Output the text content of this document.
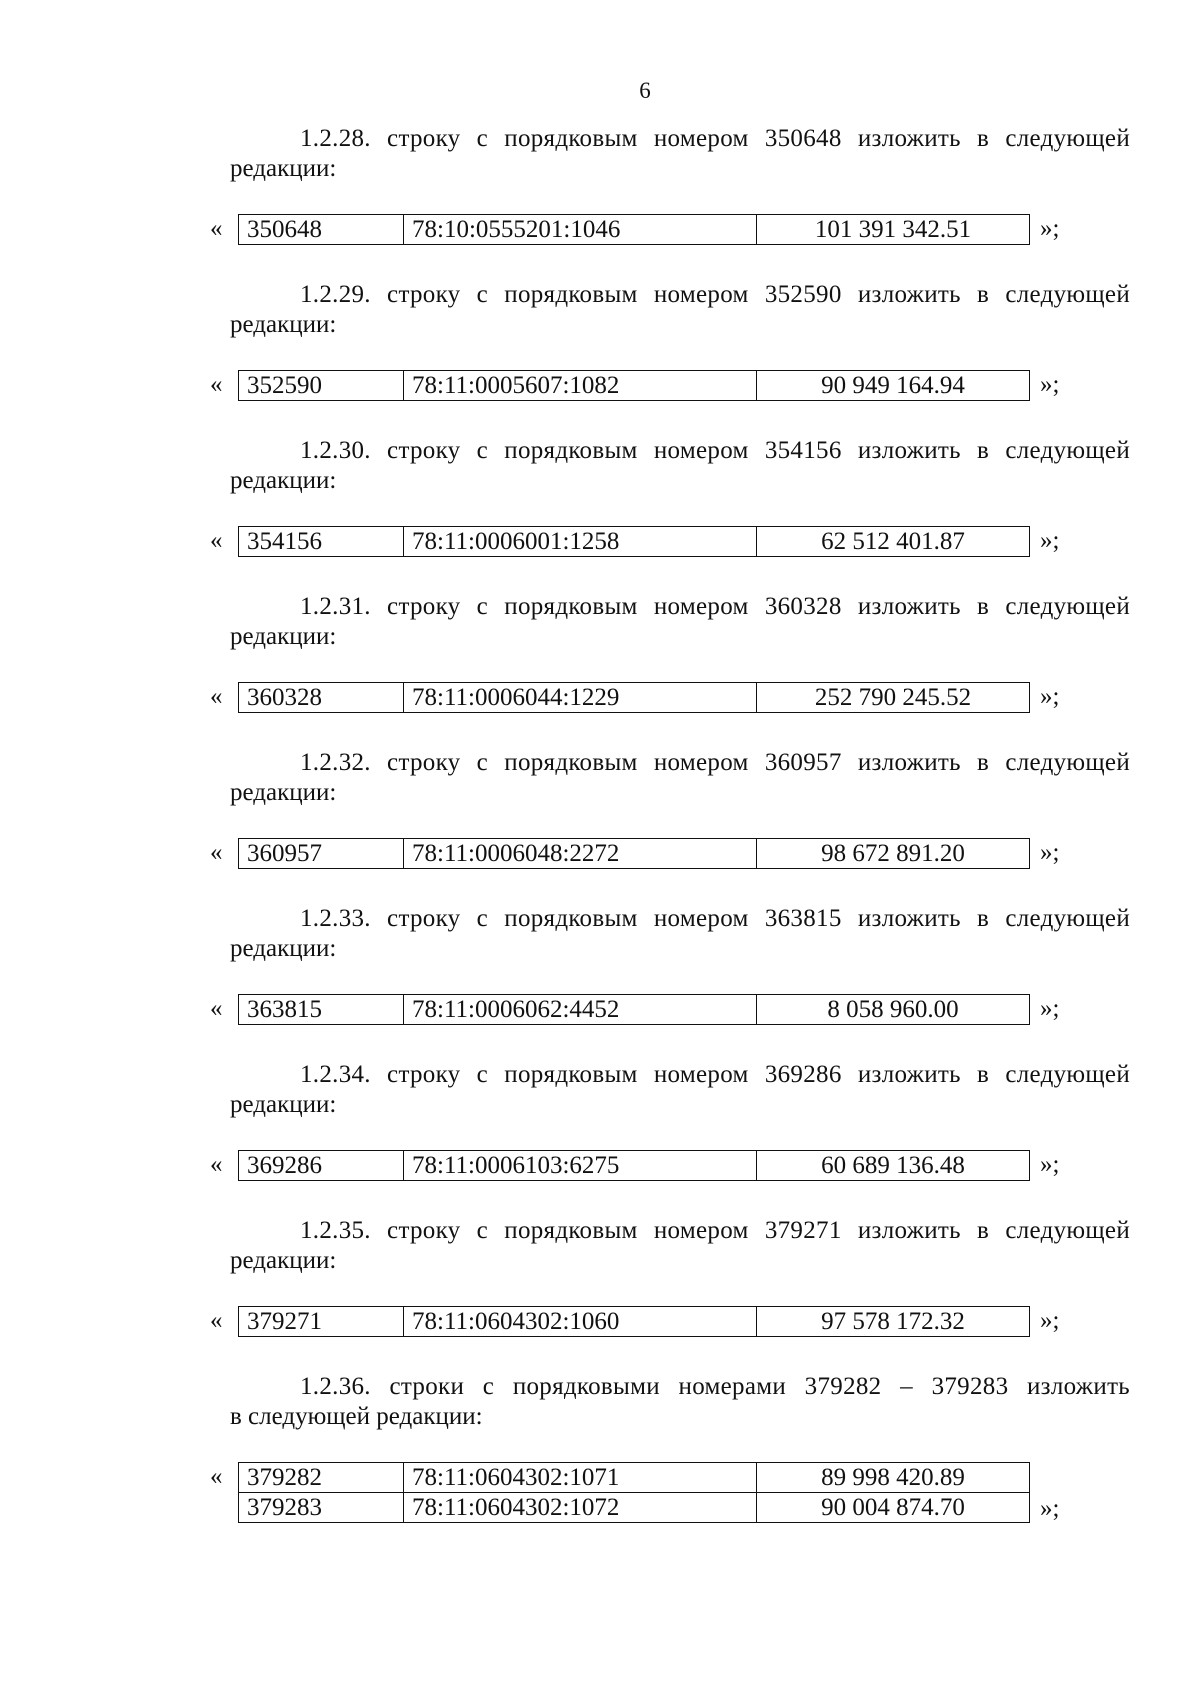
6
1.2.28. строку с порядковым номером 350648 изложить в следующей
редакции:
« 350648	78:10:0555201:1046	101 391 342.51	»;
1.2.29. строку с порядковым номером 352590 изложить в следующей
редакции:
« 352590	78:11:0005607:1082	90 949 164.94	»;
1.2.30. строку с порядковым номером 354156 изложить в следующей
редакции:
« 354156	78:11:0006001:1258	62 512 401.87	»;
1.2.31. строку с порядковым номером 360328 изложить в следующей
редакции:
« 360328	78:11:0006044:1229	252 790 245.52	»;
1.2.32. строку с порядковым номером 360957 изложить в следующей
редакции:
« 360957	78:11:0006048:2272	98 672 891.20	»;
1.2.33. строку с порядковым номером 363815 изложить в следующей
редакции:
« 363815	78:11:0006062:4452	8 058 960.00	»;
1.2.34. строку с порядковым номером 369286 изложить в следующей
редакции:
« 369286	78:11:0006103:6275	60 689 136.48	»;
1.2.35. строку с порядковым номером 379271 изложить в следующей
редакции:
« 379271	78:11:0604302:1060	97 578 172.32	»;
1.2.36. строки с порядковыми номерами 379282 – 379283 изложить
в следующей редакции:
« 379282	78:11:0604302:1071	89 998 420.89
379283	78:11:0604302:1072	90 004 874.70	»;
